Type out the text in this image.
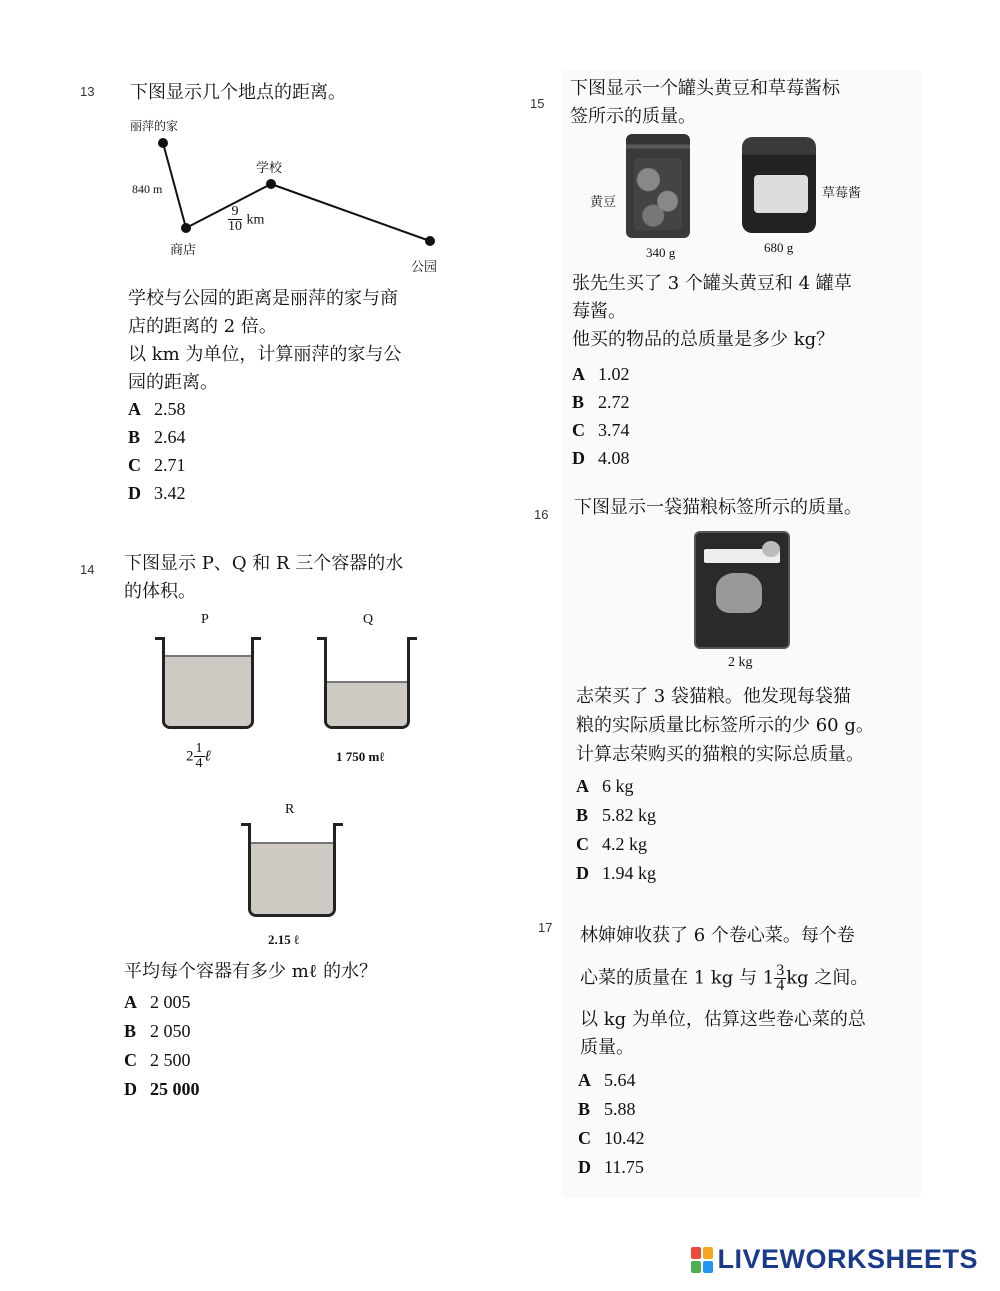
13 下图显示几个地点的距离。
丽萍的家
学校
840 m
商店
公园
$\frac{9}{10}$ km
学校与公园的距离是丽萍的家与商
店的距离的 2 倍。
以 km 为单位，计算丽萍的家与公
园的距离。
A 2.58
B 2.64
C 2.71
D 3.42
14 下图显示 P、Q 和 R 三个容器的水
的体积。
P
$2 \frac{1}{4}$ ℓ
Q
1 750 mℓ
R
2.15 ℓ
平均每个容器有多少 mℓ 的水？
A 2 005
B 2 050
C 2 500
D 25 000
15
下图显示一个罐头黄豆和草莓酱标
签所示的质量。
黄豆
340 g
草莓酱
680 g
张先生买了 3 个罐头黄豆和 4 罐草
莓酱。
他买的物品的总质量是多少 kg？
A 1.02
B 2.72
C 3.74
D 4.08
16 下图显示一袋猫粮标签所示的质量。
2 kg
志荣买了 3 袋猫粮。他发现每袋猫
粮的实际质量比标签所示的少 60 g。
计算志荣购买的猫粮的实际总质量。
A 6 kg
B 5.82 kg
C 4.2 kg
D 1.94 kg
17 林婶婶收获了 6 个卷心菜。每个卷
心菜的质量在 1 kg 与 $1 \frac{3}{4}$ kg 之间。
以 kg 为单位，估算这些卷心菜的总
质量。
A 5.64
B 5.88
C 10.42
D 11.75
LIVEWORKSHEETS
